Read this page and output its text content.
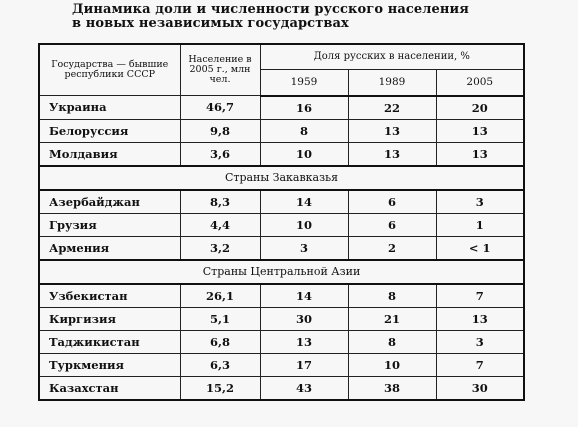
Динамика доли и численности русского населения
в новых независимых государствах
Государства — бывшие республики СССР	Население в 2005 г., млн чел.	Доля русских в населении, %		
		1959	1989	2005
Украина	46,7	16	22	20
Белоруссия	9,8	8	13	13
Молдавия	3,6	10	13	13
Страны Закавказья				
Азербайджан	8,3	14	6	3
Грузия	4,4	10	6	1
Армения	3,2	3	2	< 1
Страны Центральной Азии				
Узбекистан	26,1	14	8	7
Киргизия	5,1	30	21	13
Таджикистан	6,8	13	8	3
Туркмения	6,3	17	10	7
Казахстан	15,2	43	38	30
